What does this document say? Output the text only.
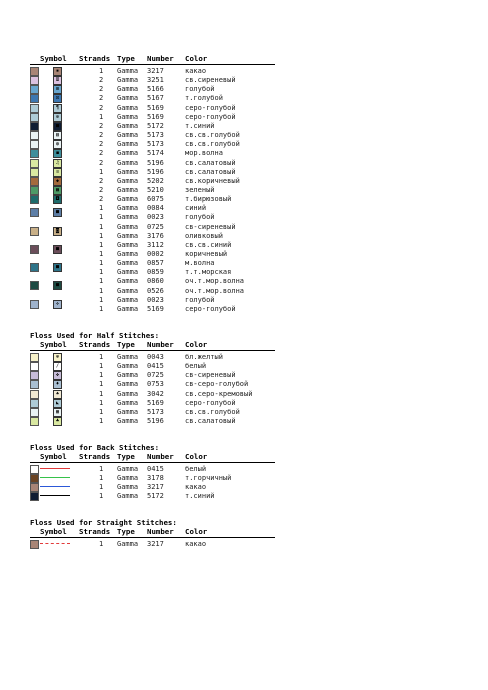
Symbol Strands Type Number Color
▪	1 Gamma 3217	какао
Ш	2 Gamma 3251	св.сиреневый
⊞	2 Gamma 5166	голубой
⊡	2 Gamma 5167	т.голубой
¶	2 Gamma 5169	серо-голубой
⊕	1 Gamma 5169	серо-голубой
■	2 Gamma 5172	т.синий
▧	2 Gamma 5173	св.св.голубой
◍	2 Gamma 5173	св.св.голубой
◼	2 Gamma 5174	мор.волна
♫	2 Gamma 5196	св.салатовый
≡	1 Gamma 5196	св.салатовый
◆	2 Gamma 5202	св.коричневый
▩	2 Gamma 5210	зеленый
◘	2 Gamma 6075	т.бирюзовый
■	1 Gamma 0084	синий
1 Gamma 0023	голубой
◙	1 Gamma 0725	св-сиреневый
1 Gamma 3176	оливковый
■	1 Gamma 3112	св.св.синий
1 Gamma 0002	коричневый
■	1 Gamma 0857	м.волна
1 Gamma 0859	т.т.морская
■	1 Gamma 0860	оч.т.мор.волна
1 Gamma 0526	оч.т.мор.волна
✣	1 Gamma 0023	голубой
1 Gamma 5169	серо-голубой
Floss Used for Half Stitches:
Symbol Strands Type Number Color
⊛	1 Gamma 0043	бл.желтый
∕	1 Gamma 0415	белый
✤	1 Gamma 0725	св-сиреневый
♦	1 Gamma 0753	св-серо-голубой
♠	1 Gamma 3042	св.серо-кремовый
◣	1 Gamma 5169	серо-голубой
▦	1 Gamma 5173	св.св.голубой
♣	1 Gamma 5196	св.салатовый
Floss Used for Back Stitches:
Symbol Strands Type Number Color
1 Gamma 0415	белый
1 Gamma 3178	т.горчичный
1 Gamma 3217	какао
1 Gamma 5172	т.синий
Floss Used for Straight Stitches:
Symbol Strands Type Number Color
1 Gamma 3217	какао
